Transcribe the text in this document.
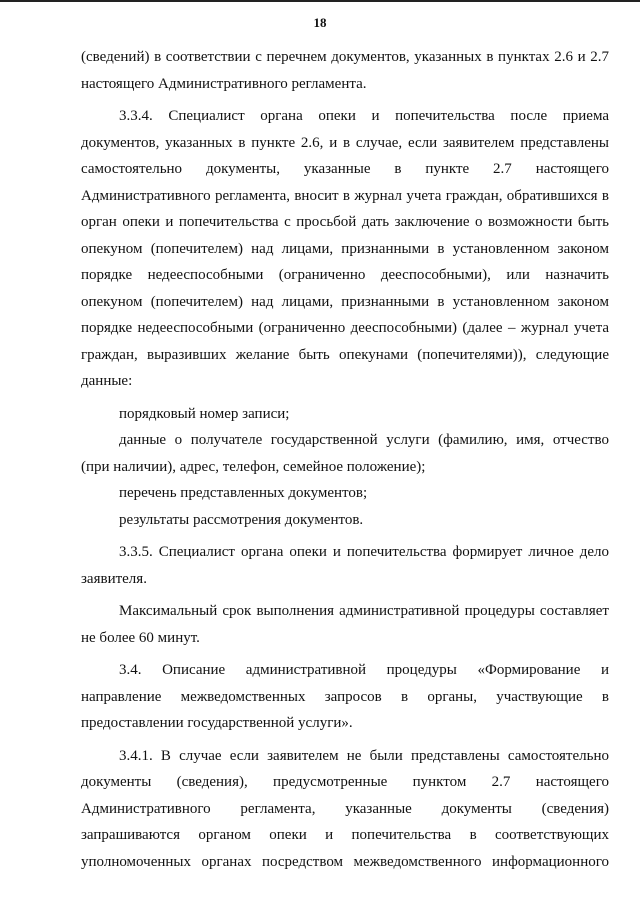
18
(сведений) в соответствии с перечнем документов, указанных в пунктах 2.6 и 2.7
настоящего Административного регламента.
3.3.4. Специалист органа опеки и попечительства после приема
документов, указанных в пункте 2.6, и в случае, если заявителем представлены
самостоятельно документы, указанные в пункте 2.7 настоящего
Административного регламента, вносит в журнал учета граждан, обратившихся в
орган опеки и попечительства с просьбой дать заключение о возможности быть
опекуном (попечителем) над лицами, признанными в установленном законом
порядке недееспособными (ограниченно дееспособными), или назначить
опекуном (попечителем) над лицами, признанными в установленном законом
порядке недееспособными (ограниченно дееспособными) (далее – журнал учета
граждан, выразивших желание быть опекунами (попечителями)), следующие
данные:
порядковый номер записи;
данные о получателе государственной услуги (фамилию, имя, отчество
(при наличии), адрес, телефон, семейное положение);
перечень представленных документов;
результаты рассмотрения документов.
3.3.5. Специалист органа опеки и попечительства формирует личное дело
заявителя.
Максимальный срок выполнения административной процедуры составляет
не более 60 минут.
3.4. Описание административной процедуры «Формирование и
направление межведомственных запросов в органы, участвующие в
предоставлении государственной услуги».
3.4.1. В случае если заявителем не были представлены самостоятельно
документы (сведения), предусмотренные пунктом 2.7 настоящего
Административного регламента, указанные документы (сведения)
запрашиваются органом опеки и попечительства в соответствующих
уполномоченных органах посредством межведомственного информационного
